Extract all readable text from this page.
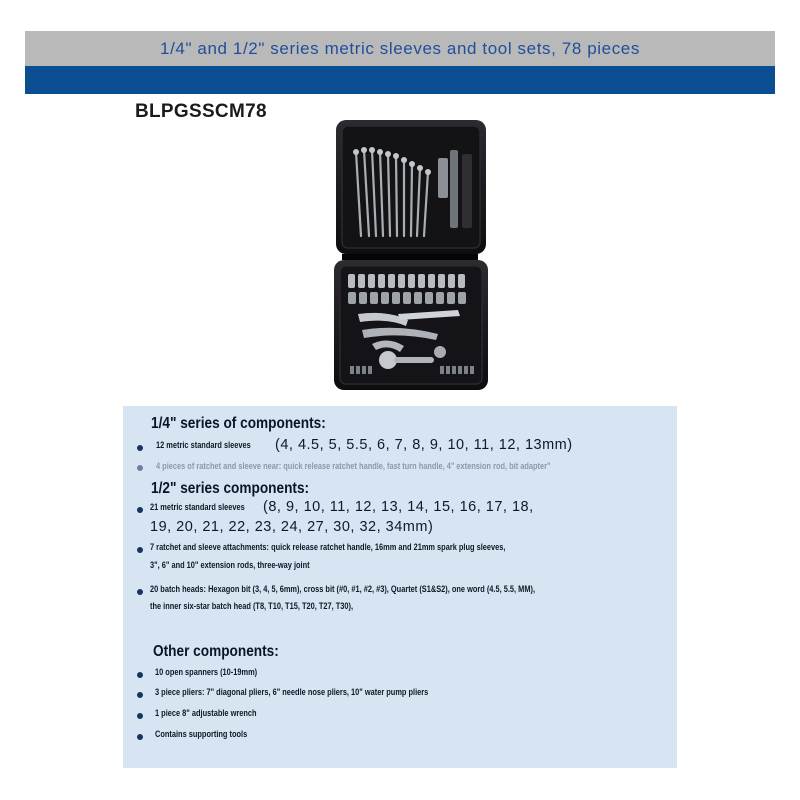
1/4" and 1/2" series metric sleeves and tool sets, 78 pieces
BLPGSSCM78
1/4" series of components:
12 metric standard sleeves (4, 4.5, 5, 5.5, 6, 7, 8, 9, 10, 11, 12, 13mm)
4 pieces of ratchet and sleeve near: quick release ratchet handle, fast turn handle, 4" extension rod, bit adapter"
1/2" series components:
21 metric standard sleeves (8, 9, 10, 11, 12, 13, 14, 15, 16, 17, 18,
19, 20, 21, 22, 23, 24, 27, 30, 32, 34mm)
7 ratchet and sleeve attachments: quick release ratchet handle, 16mm and 21mm spark plug sleeves,
3", 6" and 10" extension rods, three-way joint
20 batch heads: Hexagon bit (3, 4, 5, 6mm), cross bit (#0, #1, #2, #3), Quartet (S1&S2), one word (4.5, 5.5, MM),
the inner six-star batch head (T8, T10, T15, T20, T27, T30),
Other components:
10 open spanners (10-19mm)
3 piece pliers: 7" diagonal pliers, 6" needle nose pliers, 10" water pump pliers
1 piece 8" adjustable wrench
Contains supporting tools
